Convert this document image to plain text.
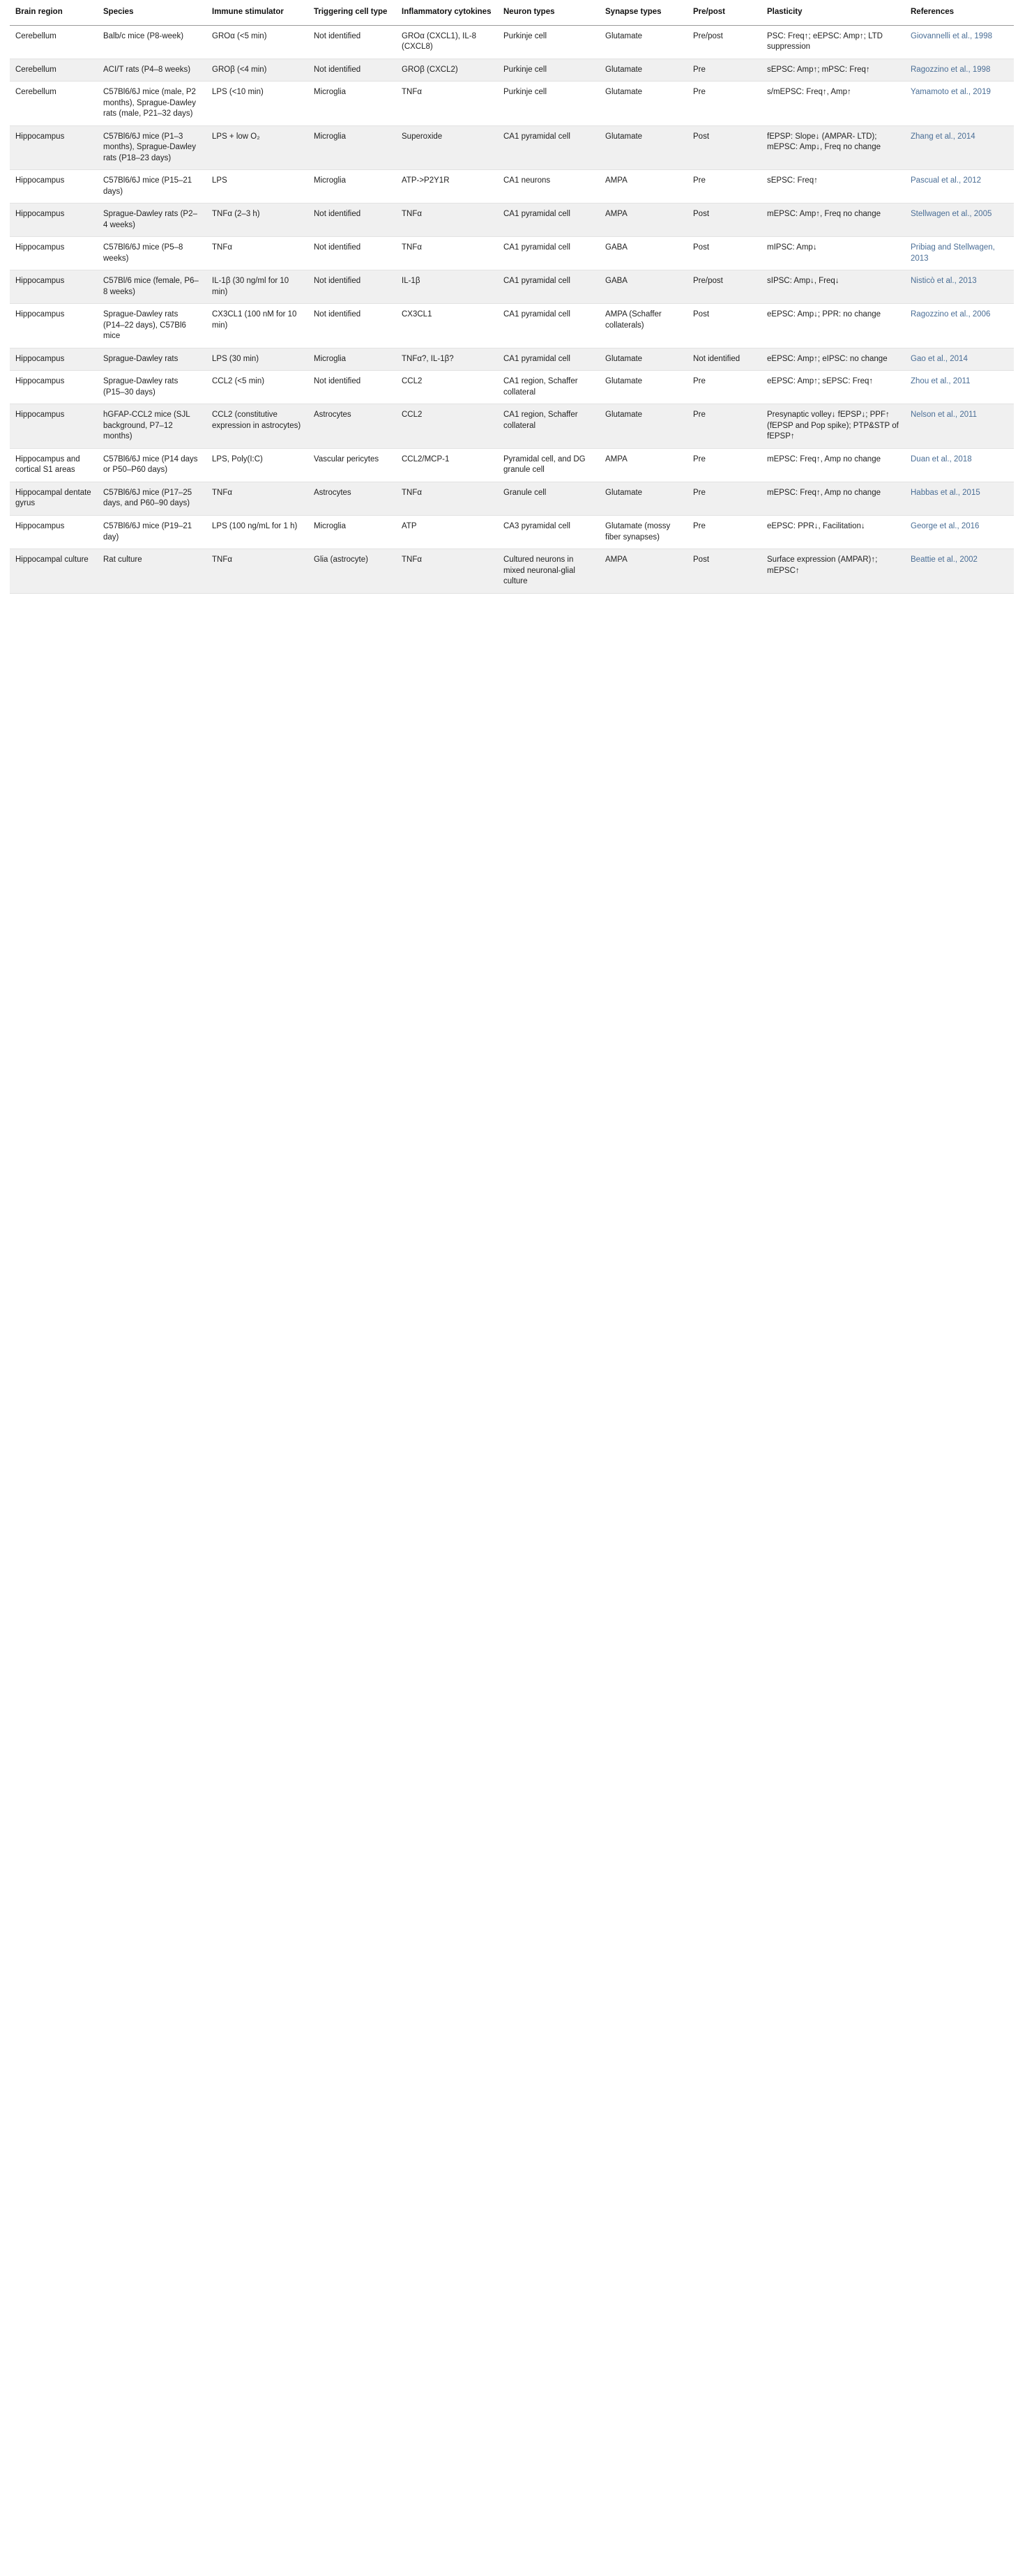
Brain region	Species	Immune stimulator	Triggering cell type	Inflammatory cytokines	Neuron types	Synapse types	Pre/post	Plasticity	References
Cerebellum	Balb/c mice (P8-week)	GROα (<5 min)	Not identified	GROα (CXCL1), IL-8 (CXCL8)	Purkinje cell	Glutamate	Pre/post	PSC: Freq↑; eEPSC: Amp↑; LTD suppression	Giovannelli et al., 1998
Cerebellum	ACI/T rats (P4–8 weeks)	GROβ (<4 min)	Not identified	GROβ (CXCL2)	Purkinje cell	Glutamate	Pre	sEPSC: Amp↑; mPSC: Freq↑	Ragozzino et al., 1998
Cerebellum	C57Bl6/6J mice (male, P2 months), Sprague-Dawley rats (male, P21–32 days)	LPS (<10 min)	Microglia	TNFα	Purkinje cell	Glutamate	Pre	s/mEPSC: Freq↑, Amp↑	Yamamoto et al., 2019
Hippocampus	C57Bl6/6J mice (P1–3 months), Sprague-Dawley rats (P18–23 days)	LPS + low O₂	Microglia	Superoxide	CA1 pyramidal cell	Glutamate	Post	fEPSP: Slope↓ (AMPAR- LTD); mEPSC: Amp↓, Freq no change	Zhang et al., 2014
Hippocampus	C57Bl6/6J mice (P15–21 days)	LPS	Microglia	ATP->P2Y1R	CA1 neurons	AMPA	Pre	sEPSC: Freq↑	Pascual et al., 2012
Hippocampus	Sprague-Dawley rats (P2–4 weeks)	TNFα (2–3 h)	Not identified	TNFα	CA1 pyramidal cell	AMPA	Post	mEPSC: Amp↑, Freq no change	Stellwagen et al., 2005
Hippocampus	C57Bl6/6J mice (P5–8 weeks)	TNFα	Not identified	TNFα	CA1 pyramidal cell	GABA	Post	mIPSC: Amp↓	Pribiag and Stellwagen, 2013
Hippocampus	C57Bl/6 mice (female, P6–8 weeks)	IL-1β (30 ng/ml for 10 min)	Not identified	IL-1β	CA1 pyramidal cell	GABA	Pre/post	sIPSC: Amp↓, Freq↓	Nisticò et al., 2013
Hippocampus	Sprague-Dawley rats (P14–22 days), C57Bl6 mice	CX3CL1 (100 nM for 10 min)	Not identified	CX3CL1	CA1 pyramidal cell	AMPA (Schaffer collaterals)	Post	eEPSC: Amp↓; PPR: no change	Ragozzino et al., 2006
Hippocampus	Sprague-Dawley rats	LPS (30 min)	Microglia	TNFα?, IL-1β?	CA1 pyramidal cell	Glutamate	Not identified	eEPSC: Amp↑; eIPSC: no change	Gao et al., 2014
Hippocampus	Sprague-Dawley rats (P15–30 days)	CCL2 (<5 min)	Not identified	CCL2	CA1 region, Schaffer collateral	Glutamate	Pre	eEPSC: Amp↑; sEPSC: Freq↑	Zhou et al., 2011
Hippocampus	hGFAP-CCL2 mice (SJL background, P7–12 months)	CCL2 (constitutive expression in astrocytes)	Astrocytes	CCL2	CA1 region, Schaffer collateral	Glutamate	Pre	Presynaptic volley↓ fEPSP↓; PPF↑ (fEPSP and Pop spike); PTP&STP of fEPSP↑	Nelson et al., 2011
Hippocampus and cortical S1 areas	C57Bl6/6J mice (P14 days or P50–P60 days)	LPS, Poly(I:C)	Vascular pericytes	CCL2/MCP-1	Pyramidal cell, and DG granule cell	AMPA	Pre	mEPSC: Freq↑, Amp no change	Duan et al., 2018
Hippocampal dentate gyrus	C57Bl6/6J mice (P17–25 days, and P60–90 days)	TNFα	Astrocytes	TNFα	Granule cell	Glutamate	Pre	mEPSC: Freq↑, Amp no change	Habbas et al., 2015
Hippocampus	C57Bl6/6J mice (P19–21 day)	LPS (100 ng/mL for 1 h)	Microglia	ATP	CA3 pyramidal cell	Glutamate (mossy fiber synapses)	Pre	eEPSC: PPR↓, Facilitation↓	George et al., 2016
Hippocampal culture	Rat culture	TNFα	Glia (astrocyte)	TNFα	Cultured neurons in mixed neuronal-glial culture	AMPA	Post	Surface expression (AMPAR)↑; mEPSC↑	Beattie et al., 2002
